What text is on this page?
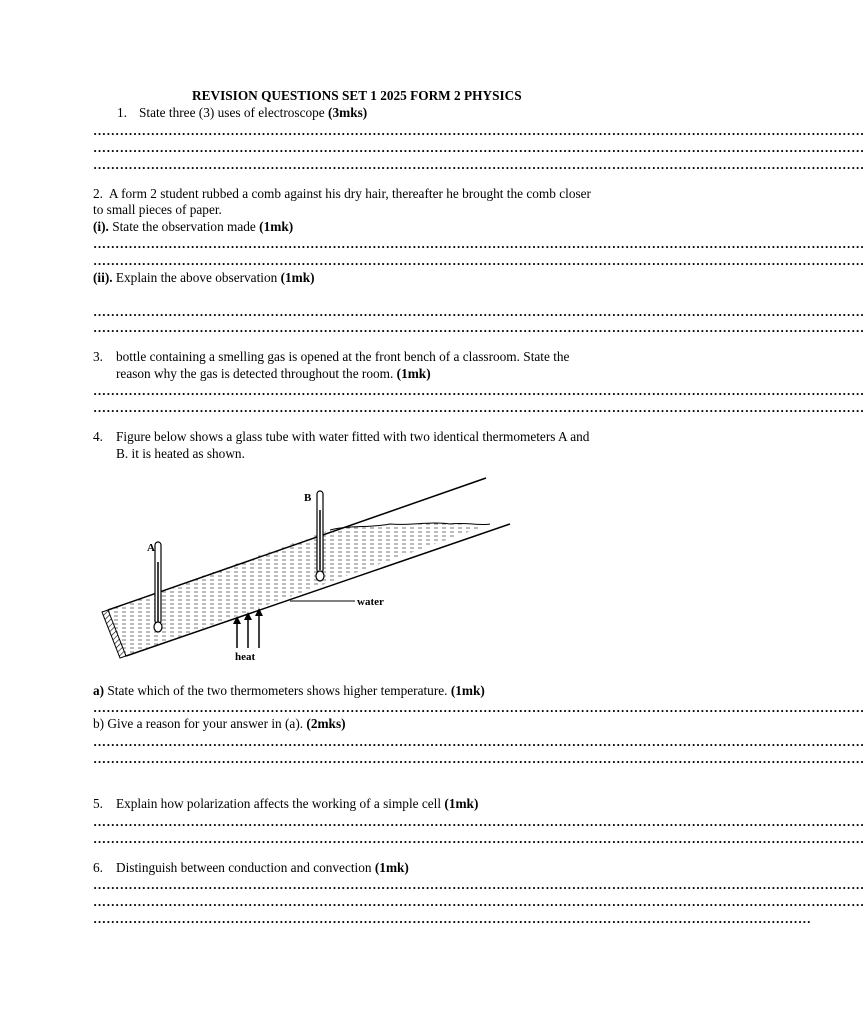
REVISION QUESTIONS SET 1 2025 FORM 2 PHYSICS
1. State three (3) uses of electroscope (3mks)
…………………………………………………………………………………………………………………………………………………………
…………………………………………………………………………………………………………………………………………………………
…………………………………………………………………………………………………………………………………………………………
2. A form 2 student rubbed a comb against his dry hair, thereafter he brought the comb closer
to small pieces of paper.
(i). State the observation made (1mk)
…………………………………………………………………………………………………………………………………………………………
…………………………………………………………………………………………………………………………………………………………
(ii). Explain the above observation (1mk)
…………………………………………………………………………………………………………………………………………………………
…………………………………………………………………………………………………………………………………………………………
3. bottle containing a smelling gas is opened at the front bench of a classroom. State the
reason why the gas is detected throughout the room. (1mk)
…………………………………………………………………………………………………………………………………………………………
…………………………………………………………………………………………………………………………………………………………
4. Figure below shows a glass tube with water fitted with two identical thermometers A and
B. it is heated as shown.
A
B
water
heat
a) State which of the two thermometers shows higher temperature. (1mk)
…………………………………………………………………………………………………………………………………………………………
b) Give a reason for your answer in (a). (2mks)
…………………………………………………………………………………………………………………………………………………………
…………………………………………………………………………………………………………………………………………………………
5. Explain how polarization affects the working of a simple cell (1mk)
…………………………………………………………………………………………………………………………………………………………
…………………………………………………………………………………………………………………………………………………………
6. Distinguish between conduction and convection (1mk)
…………………………………………………………………………………………………………………………………………………………
…………………………………………………………………………………………………………………………………………………………
………………………………………………………………………………………………………………………………………………
